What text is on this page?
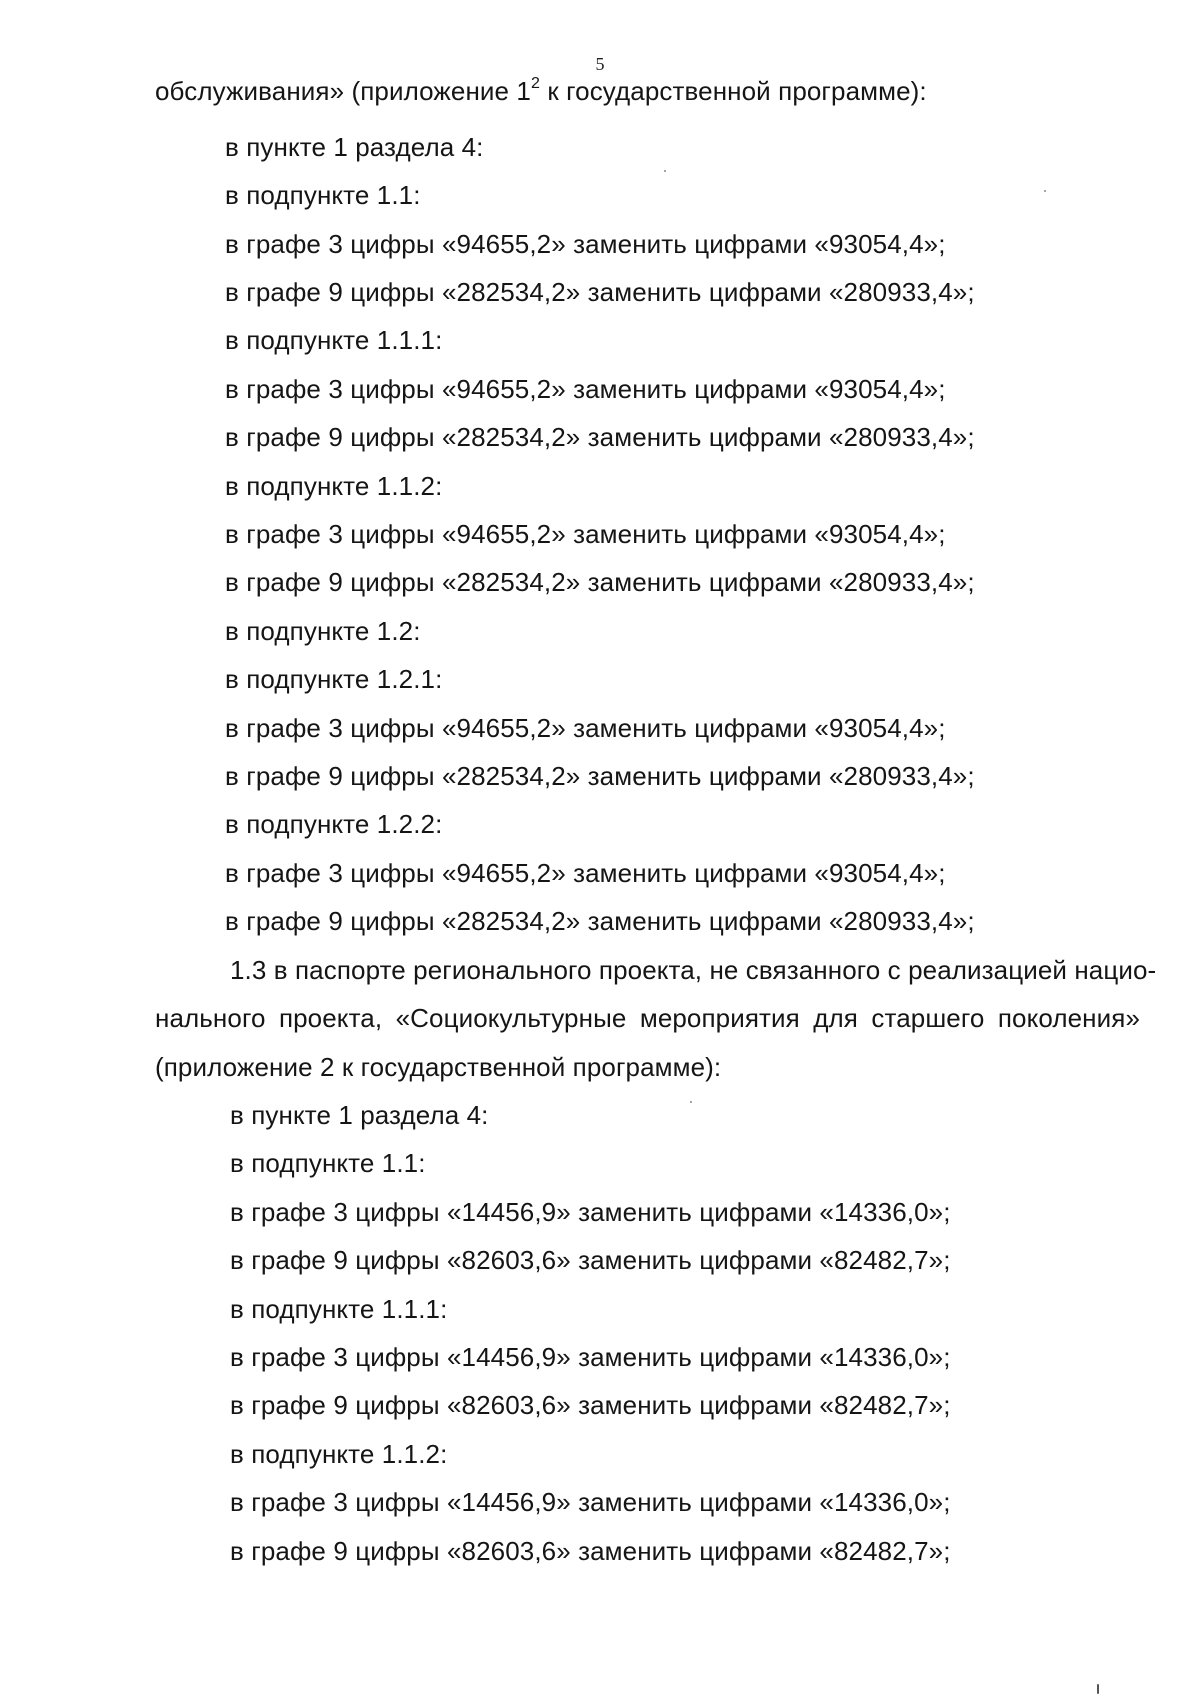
5
обслуживания» (приложение $1^2$ к государственной программе):
в пункте 1 раздела 4:
в подпункте 1.1:
в графе 3 цифры «94655,2» заменить цифрами «93054,4»;
в графе 9 цифры «282534,2» заменить цифрами «280933,4»;
в подпункте 1.1.1:
в графе 3 цифры «94655,2» заменить цифрами «93054,4»;
в графе 9 цифры «282534,2» заменить цифрами «280933,4»;
в подпункте 1.1.2:
в графе 3 цифры «94655,2» заменить цифрами «93054,4»;
в графе 9 цифры «282534,2» заменить цифрами «280933,4»;
в подпункте 1.2:
в подпункте 1.2.1:
в графе 3 цифры «94655,2» заменить цифрами «93054,4»;
в графе 9 цифры «282534,2» заменить цифрами «280933,4»;
в подпункте 1.2.2:
в графе 3 цифры «94655,2» заменить цифрами «93054,4»;
в графе 9 цифры «282534,2» заменить цифрами «280933,4»;
1.3 в паспорте регионального проекта, не связанного с реализацией нацио-
нального проекта, «Социокультурные мероприятия для старшего поколения»
(приложение 2 к государственной программе):
в пункте 1 раздела 4:
в подпункте 1.1:
в графе 3 цифры «14456,9» заменить цифрами «14336,0»;
в графе 9 цифры «82603,6» заменить цифрами «82482,7»;
в подпункте 1.1.1:
в графе 3 цифры «14456,9» заменить цифрами «14336,0»;
в графе 9 цифры «82603,6» заменить цифрами «82482,7»;
в подпункте 1.1.2:
в графе 3 цифры «14456,9» заменить цифрами «14336,0»;
в графе 9 цифры «82603,6» заменить цифрами «82482,7»;
